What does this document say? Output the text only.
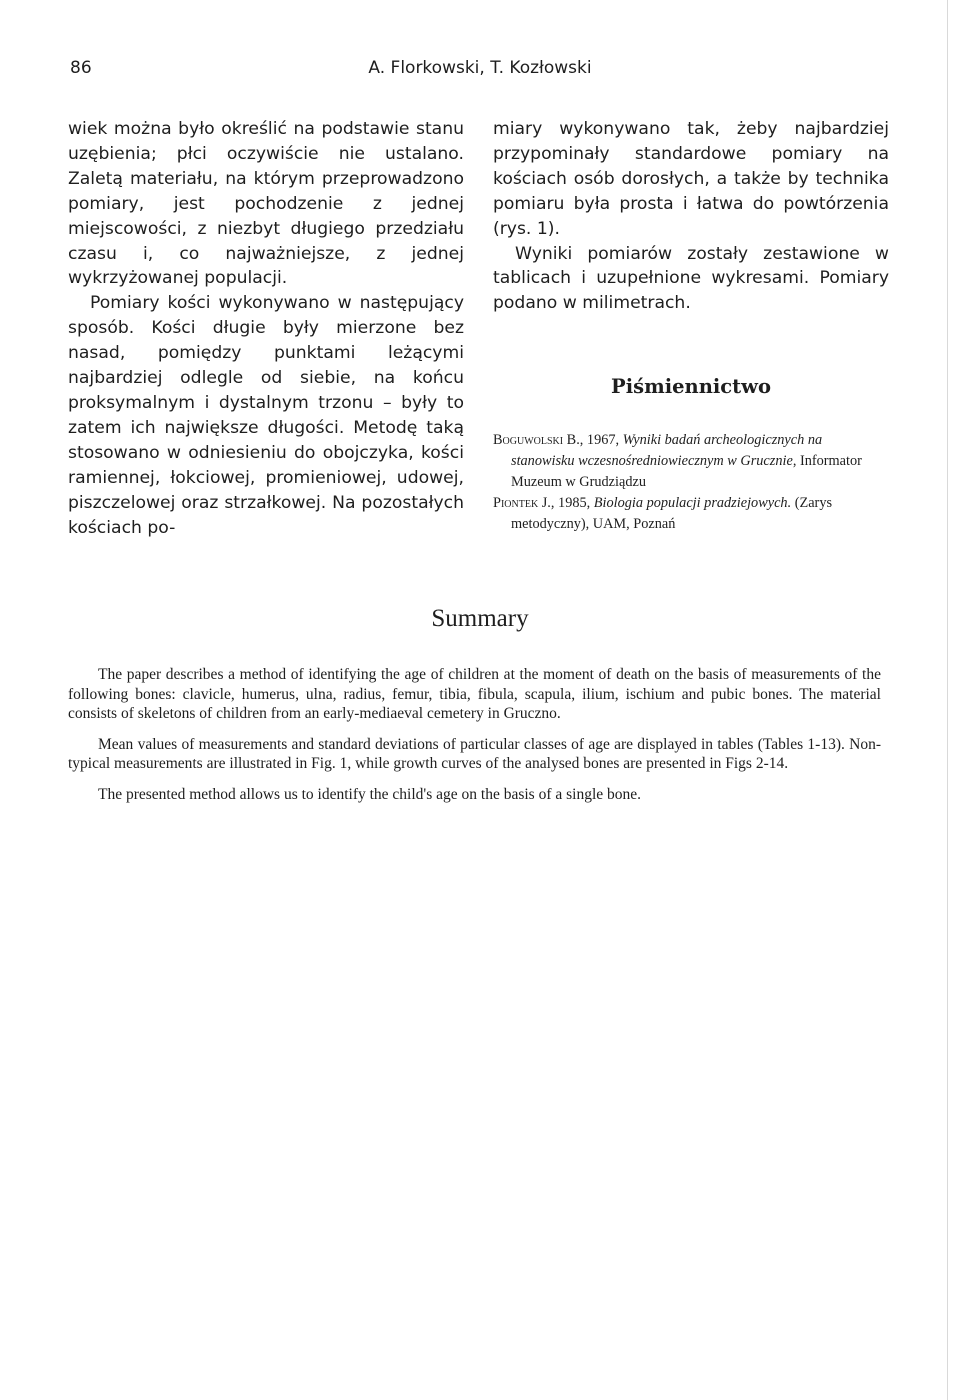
86	A. Florkowski, T. Kozłowski

wiek można było określić na podstawie stanu uzębienia; płci oczywiście nie ustalano. Zaletą materiału, na którym przeprowadzono pomiary, jest pochodzenie z jednej miejscowości, z niezbyt długiego przedziału czasu i, co najważniejsze, z jednej wykrzyżowanej populacji.

Pomiary kości wykonywano w następujący sposób. Kości długie były mierzone bez nasad, pomiędzy punktami leżącymi najbardziej odlegle od siebie, na końcu proksymalnym i dystalnym trzonu – były to zatem ich największe długości. Metodę taką stosowano w odniesieniu do obojczyka, kości ramiennej, łokciowej, promieniowej, udowej, piszczelowej oraz strzałkowej. Na pozostałych kościach po-

miary wykonywano tak, żeby najbardziej przypominały standardowe pomiary na kościach osób dorosłych, a także by technika pomiaru była prosta i łatwa do powtórzenia (rys. 1).

Wyniki pomiarów zostały zestawione w tablicach i uzupełnione wykresami. Pomiary podano w milimetrach.

Piśmiennictwo

Boguwolski B., 1967, Wyniki badań archeologicznych na stanowisku wczesnośredniowiecznym w Gruczniе, Informator Muzeum w Grudziądzu

Piontek J., 1985, Biologia populacji pradziejowych. (Zarys metodyczny), UAM, Poznań

Summary

The paper describes a method of identifying the age of children at the moment of death on the basis of measurements of the following bones: clavicle, humerus, ulna, radius, femur, tibia, fibula, scapula, ilium, ischium and pubic bones. The material consists of skeletons of children from an early-mediaeval cemetery in Gruczno.

Mean values of measurements and standard deviations of particular classes of age are displayed in tables (Tables 1-13). Non-typical measurements are illustrated in Fig. 1, while growth curves of the analysed bones are presented in Figs 2-14.

The presented method allows us to identify the child's age on the basis of a single bone.
